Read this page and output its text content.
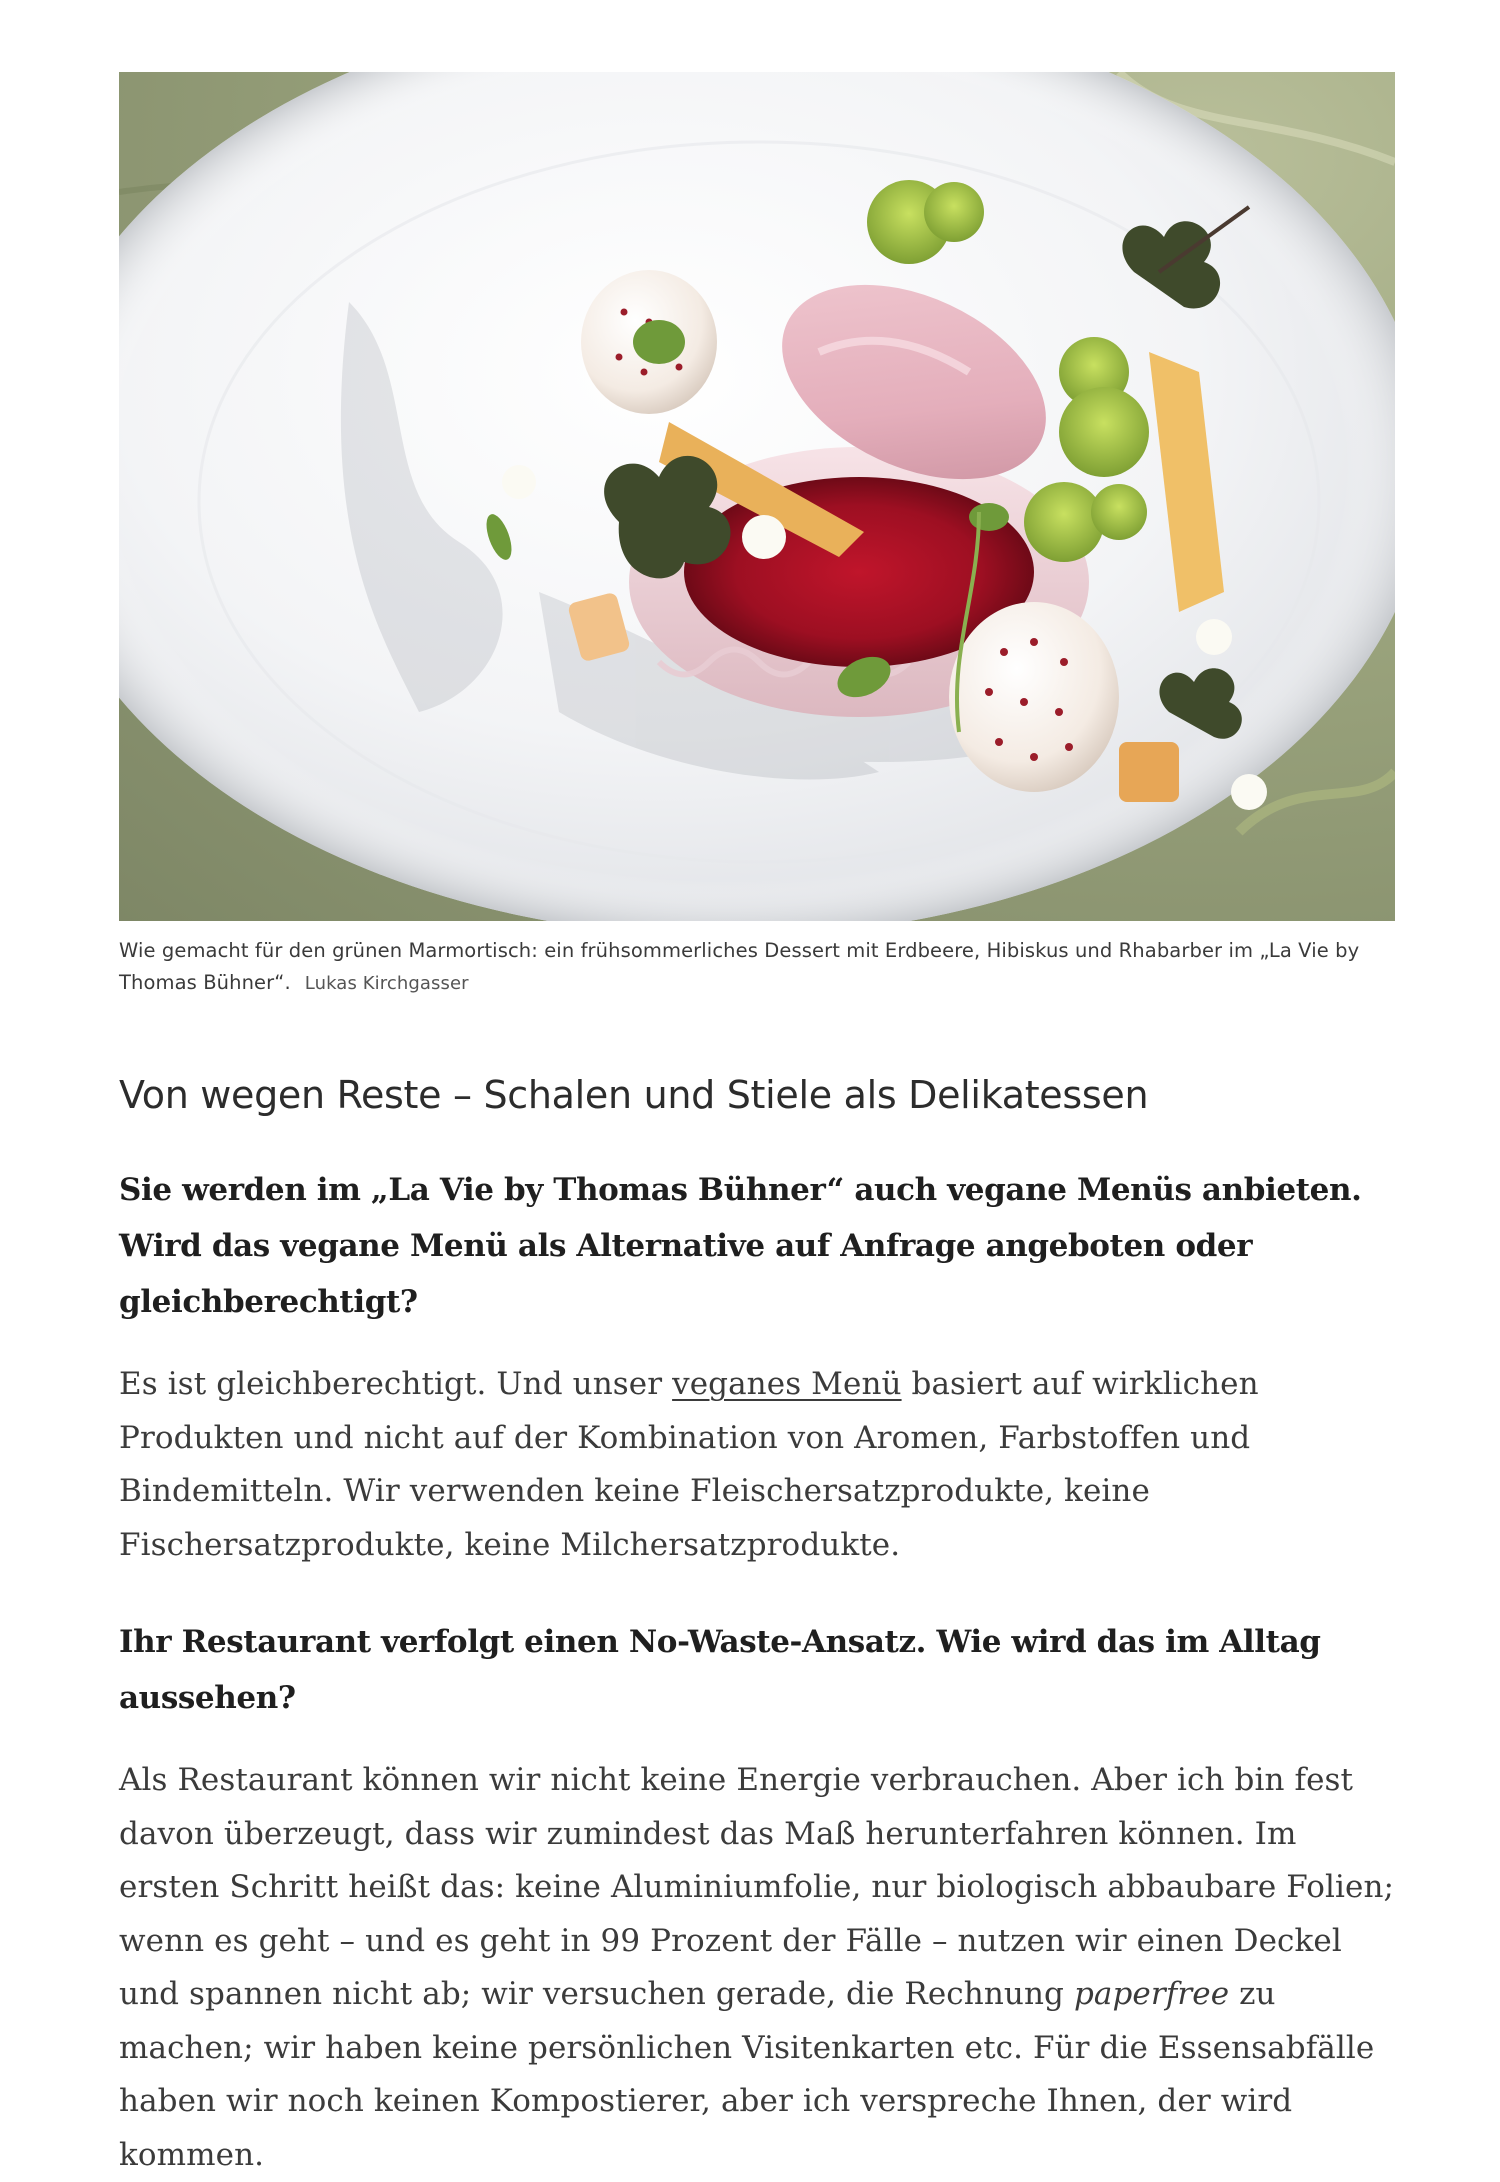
Wie gemacht für den grünen Marmortisch: ein frühsommerliches Dessert mit Erdbeere, Hibiskus und Rhabarber im „La Vie by Thomas Bühner“. Lukas Kirchgasser
Von wegen Reste – Schalen und Stiele als Delikatessen
Sie werden im „La Vie by Thomas Bühner“ auch vegane Menüs anbieten. Wird das vegane Menü als Alternative auf Anfrage angeboten oder gleichberechtigt?

Es ist gleichberechtigt. Und unser veganes Menü basiert auf wirklichen Produkten und nicht auf der Kombination von Aromen, Farbstoffen und Bindemitteln. Wir verwenden keine Fleischersatzprodukte, keine Fischersatzprodukte, keine Milchersatzprodukte.

Ihr Restaurant verfolgt einen No-Waste-Ansatz. Wie wird das im Alltag aussehen?

Als Restaurant können wir nicht keine Energie verbrauchen. Aber ich bin fest davon überzeugt, dass wir zumindest das Maß herunterfahren können. Im ersten Schritt heißt das: keine Aluminiumfolie, nur biologisch abbaubare Folien; wenn es geht – und es geht in 99 Prozent der Fälle – nutzen wir einen Deckel und spannen nicht ab; wir versuchen gerade, die Rechnung paperfree zu machen; wir haben keine persönlichen Visitenkarten etc. Für die Essensabfälle haben wir noch keinen Kompostierer, aber ich verspreche Ihnen, der wird kommen.
